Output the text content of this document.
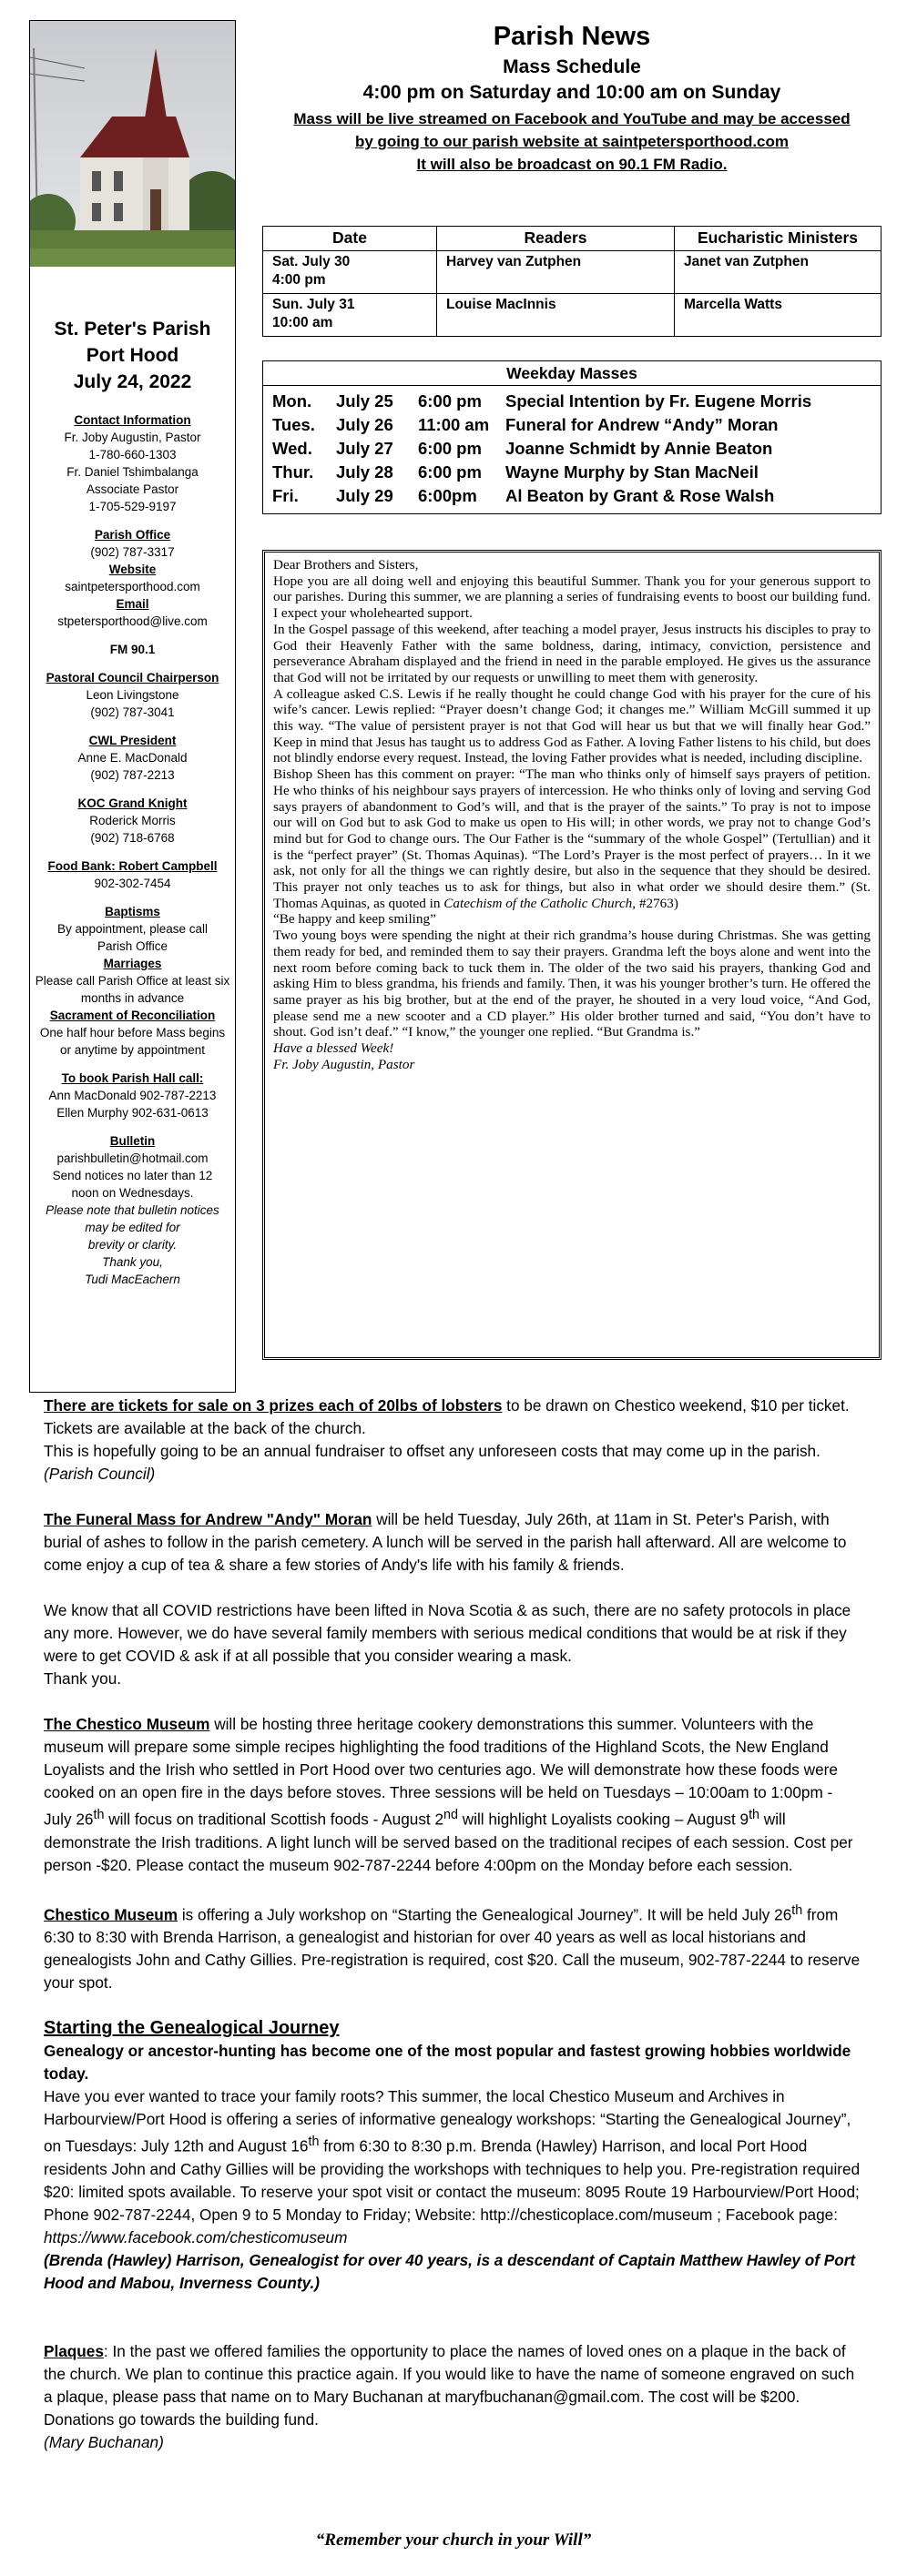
St. Peter's Parish
Port Hood
July 24, 2022
Contact Information
Fr. Joby Augustin, Pastor
1-780-660-1303
Fr. Daniel Tshimbalanga
Associate Pastor
1-705-529-9197
Parish Office
(902) 787-3317
Website
saintpetersporthood.com
Email
stpetersporthood@live.com
FM 90.1
Pastoral Council Chairperson
Leon Livingstone
(902) 787-3041
CWL President
Anne E. MacDonald
(902) 787-2213
KOC Grand Knight
Roderick Morris
(902) 718-6768
Food Bank: Robert Campbell
902-302-7454
Baptisms
By appointment, please call
Parish Office
Marriages
Please call Parish Office at least six
months in advance
Sacrament of Reconciliation
One half hour before Mass begins
or anytime by appointment
To book Parish Hall call:
Ann MacDonald 902-787-2213
Ellen Murphy 902-631-0613
Bulletin
parishbulletin@hotmail.com
Send notices no later than 12
noon on Wednesdays.
Please note that bulletin notices
may be edited for
brevity or clarity.
Thank you,
Tudi MacEachern
Parish News
Mass Schedule
4:00 pm on Saturday and 10:00 am on Sunday
Mass will be live streamed on Facebook and YouTube and may be accessed
by going to our parish website at saintpetersporthood.com
It will also be broadcast on 90.1 FM Radio.
Date	Readers	Eucharistic Ministers

Sat. July 30
4:00 pm	Harvey van Zutphen	Janet van Zutphen

Sun. July 31
10:00 am	Louise MacInnis	Marcella Watts
Weekday Masses
Mon.	July 25	6:00 pm	Special Intention by Fr. Eugene Morris
Tues.	July 26	11:00 am Funeral for Andrew “Andy” Moran
Wed.	July 27	6:00 pm	Joanne Schmidt by Annie Beaton
Thur.	July 28	6:00 pm	Wayne Murphy by Stan MacNeil
Fri.	July 29	6:00pm	Al Beaton by Grant & Rose Walsh

Dear Brothers and Sisters,

Hope you are all doing well and enjoying this beautiful Summer. Thank you for your generous support to our parishes. During this summer, we are planning a series of fundraising events to boost our building fund. I expect your wholehearted support.

In the Gospel passage of this weekend, after teaching a model prayer, Jesus instructs his disciples to pray to God their Heavenly Father with the same boldness, daring, intimacy, conviction, persistence and perseverance Abraham displayed and the friend in need in the parable employed. He gives us the assurance that God will not be irritated by our requests or unwilling to meet them with generosity.

A colleague asked C.S. Lewis if he really thought he could change God with his prayer for the cure of his wife’s cancer. Lewis replied: “Prayer doesn’t change God; it changes me.” William McGill summed it up this way. “The value of persistent prayer is not that God will hear us but that we will finally hear God.” Keep in mind that Jesus has taught us to address God as Father. A loving Father listens to his child, but does not blindly endorse every request. Instead, the loving Father provides what is needed, including discipline.

Bishop Sheen has this comment on prayer: “The man who thinks only of himself says prayers of petition. He who thinks of his neighbour says prayers of intercession. He who thinks only of loving and serving God says prayers of abandonment to God’s will, and that is the prayer of the saints.” To pray is not to impose our will on God but to ask God to make us open to His will; in other words, we pray not to change God’s mind but for God to change ours. The Our Father is the “summary of the whole Gospel” (Tertullian) and it is the “perfect prayer” (St. Thomas Aquinas). “The Lord’s Prayer is the most perfect of prayers… In it we ask, not only for all the things we can rightly desire, but also in the sequence that they should be desired. This prayer not only teaches us to ask for things, but also in what order we should desire them.” (St. Thomas Aquinas, as quoted in Catechism of the Catholic Church, #2763)

“Be happy and keep smiling”

Two young boys were spending the night at their rich grandma’s house during Christmas. She was getting them ready for bed, and reminded them to say their prayers. Grandma left the boys alone and went into the next room before coming back to tuck them in. The older of the two said his prayers, thanking God and asking Him to bless grandma, his friends and family. Then, it was his younger brother’s turn. He offered the same prayer as his big brother, but at the end of the prayer, he shouted in a very loud voice, “And God, please send me a new scooter and a CD player.” His older brother turned and said, “You don’t have to shout. God isn’t deaf.” “I know,” the younger one replied. “But Grandma is.”

Have a blessed Week!

Fr. Joby Augustin, Pastor

There are tickets for sale on 3 prizes each of 20lbs of lobsters to be drawn on Chestico weekend, $10 per ticket. Tickets are available at the back of the church.

This is hopefully going to be an annual fundraiser to offset any unforeseen costs that may come up in the parish. (Parish Council)

The Funeral Mass for Andrew "Andy" Moran will be held Tuesday, July 26th, at 11am in St. Peter's Parish, with burial of ashes to follow in the parish cemetery. A lunch will be served in the parish hall afterward. All are welcome to come enjoy a cup of tea & share a few stories of Andy's life with his family & friends.

We know that all COVID restrictions have been lifted in Nova Scotia & as such, there are no safety protocols in place any more. However, we do have several family members with serious medical conditions that would be at risk if they were to get COVID & ask if at all possible that you consider wearing a mask.

Thank you.

The Chestico Museum will be hosting three heritage cookery demonstrations this summer. Volunteers with the museum will prepare some simple recipes highlighting the food traditions of the Highland Scots, the New England Loyalists and the Irish who settled in Port Hood over two centuries ago. We will demonstrate how these foods were cooked on an open fire in the days before stoves. Three sessions will be held on Tuesdays – 10:00am to 1:00pm - July 26th will focus on traditional Scottish foods - August 2nd will highlight Loyalists cooking – August 9th will demonstrate the Irish traditions. A light lunch will be served based on the traditional recipes of each session. Cost per person -$20. Please contact the museum 902-787-2244 before 4:00pm on the Monday before each session.

Chestico Museum is offering a July workshop on “Starting the Genealogical Journey”. It will be held July 26th from 6:30 to 8:30 with Brenda Harrison, a genealogist and historian for over 40 years as well as local historians and genealogists John and Cathy Gillies. Pre-registration is required, cost $20. Call the museum, 902-787-2244 to reserve your spot.

Starting the Genealogical Journey

Genealogy or ancestor-hunting has become one of the most popular and fastest growing hobbies worldwide today.

Have you ever wanted to trace your family roots? This summer, the local Chestico Museum and Archives in Harbourview/Port Hood is offering a series of informative genealogy workshops: “Starting the Genealogical Journey”, on Tuesdays: July 12th and August 16th from 6:30 to 8:30 p.m. Brenda (Hawley) Harrison, and local Port Hood residents John and Cathy Gillies will be providing the workshops with techniques to help you. Pre-registration required $20: limited spots available. To reserve your spot visit or contact the museum: 8095 Route 19 Harbourview/Port Hood; Phone 902-787-2244, Open 9 to 5 Monday to Friday; Website: http://chesticoplace.com/museum ; Facebook page: https://www.facebook.com/chesticomuseum

(Brenda (Hawley) Harrison, Genealogist for over 40 years, is a descendant of Captain Matthew Hawley of Port Hood and Mabou, Inverness County.)

Plaques: In the past we offered families the opportunity to place the names of loved ones on a plaque in the back of the church. We plan to continue this practice again. If you would like to have the name of someone engraved on such a plaque, please pass that name on to Mary Buchanan at maryfbuchanan@gmail.com. The cost will be $200. Donations go towards the building fund.

(Mary Buchanan)

“Remember your church in your Will”
